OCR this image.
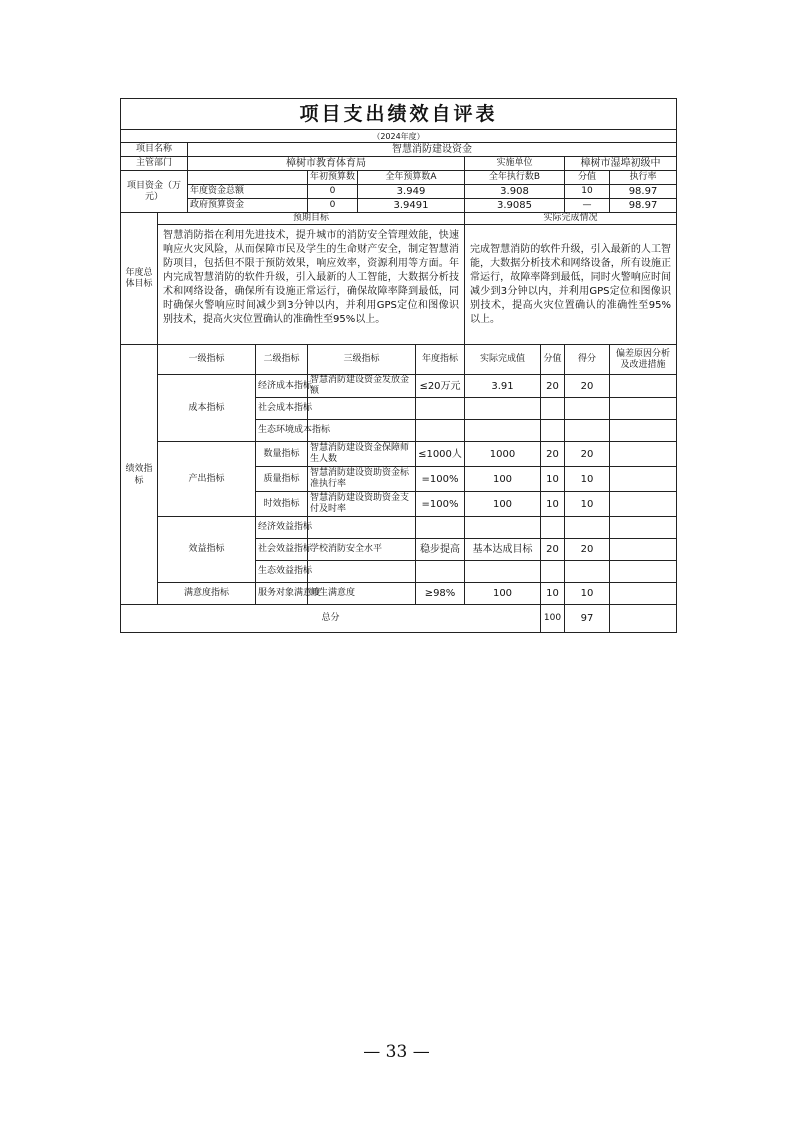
项目支出绩效自评表											
（2024年度）											
项目名称		智慧消防建设资金									
主管部门		樟树市教育体育局					实施单位		樟树市湿埠初级中		
项目资金（万元）				年初预算数	全年预算数A		全年执行数B		分值	执行率	
		年度资金总额		0	3.949		3.908		10	98.97	
		政府预算资金		0	3.9491		3.9085		—	98.97	
年度总体目标	预期目标						实际完成情况				
	智慧消防指在利用先进技术，提升城市的消防安全管理效能，快速响应火灾风险，从而保障市民及学生的生命财产安全，制定智慧消防项目，包括但不限于预防效果，响应效率，资源利用等方面。年内完成智慧消防的软件升级，引入最新的人工智能，大数据分析技术和网络设备，确保所有设施正常运行，确保故障率降到最低，同时确保火警响应时间减少到3分钟以内，并利用GPS定位和图像识别技术，提高火灾位置确认的准确性至95%以上。						完成智慧消防的软件升级，引入最新的人工智能，大数据分析技术和网络设备，所有设施正常运行，故障率降到最低，同时火警响应时间减少到3分钟以内，并利用GPS定位和图像识别技术，提高火灾位置确认的准确性至95%以上。				
绩效指标	一级指标		二级指标	三级指标		年度指标	实际完成值	分值	得分	偏差原因分析及改进措施	
	成本指标		经济成本指标	智慧消防建设资金发放金额		≤20万元	3.91	20	20		
			社会成本指标								
			生态环境成本指标								
	产出指标		数量指标	智慧消防建设资金保障师生人数		≤1000人	1000	20	20		
			质量指标	智慧消防建设资助资金标准执行率		=100%	100	10	10		
			时效指标	智慧消防建设资助资金支付及时率		=100%	100	10	10		
	效益指标		经济效益指标								
			社会效益指标	学校消防安全水平		稳步提高	基本达成目标	20	20		
			生态效益指标								
	满意度指标		服务对象满意度	师生满意度		≥98%	100	10	10		
总分								100	97		
— 33 —
